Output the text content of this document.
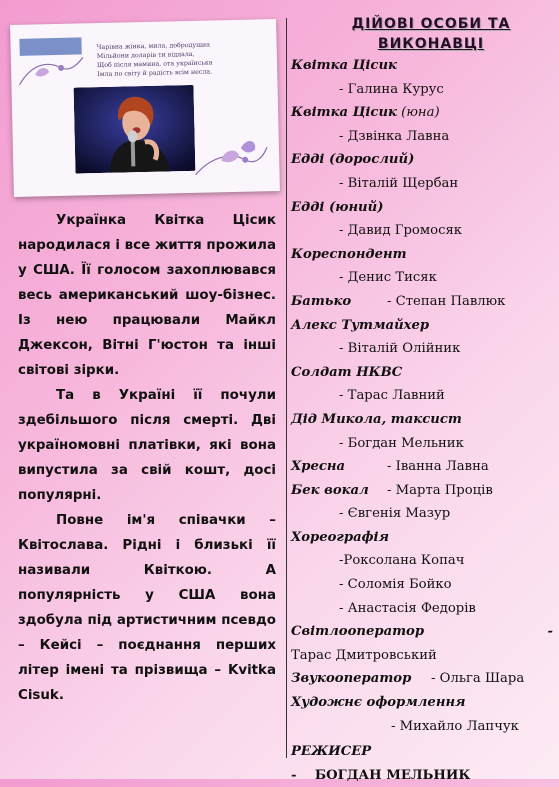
Чарівна жінка, мила, добродушна
Мільйони доларів ти віддала,
Щоб після мамина, ота українська
Імла по світу й радість всім несла.

Українка Квітка Цісик народилася і все життя прожила у США. Її голосом захоплювався весь американський шоу-бізнес. Із нею працювали Майкл Джексон, Вітні Г'юстон та інші світові зірки.

Та в Україні її почули здебільшого після смерті. Дві україномовні платівки, які вона випустила за свій кошт, досі популярні.

Повне ім'я співачки – Квітослава. Рідні і близькі її називали Квіткою. А популярність у США вона здобула під артистичним псевдо – Кейсі – поєднання перших літер імені та прізвища – Kvitka Cisuk.

ДІЙОВІ ОСОБИ ТА ВИКОНАВЦІ
Квітка Цісик
- Галина Курус
Квітка Цісик (юна)
- Дзвінка Лавна
Едді (дорослий)
- Віталій Щербан
Едді (юний)
- Давид Громосяк
Кореспондент
- Денис Тисяк
Батько	- Степан Павлюк
Алекс Тутмайхер
- Віталій Олійник
Солдат НКВС
- Тарас Лавний
Дід Микола, таксист
- Богдан Мельник
Хресна	- Іванна Лавна
Бек вокал	- Марта Проців
- Євгенія Мазур
Хореографія
-Роксолана Копач
- Соломія Бойко
- Анастасія Федорів
Світлооператор	-
Тарас Дмитровський
Звукооператор	- Ольга Шара
Художнє оформлення
- Михайло Лапчук
РЕЖИСЕР
-    БОГДАН МЕЛЬНИК
